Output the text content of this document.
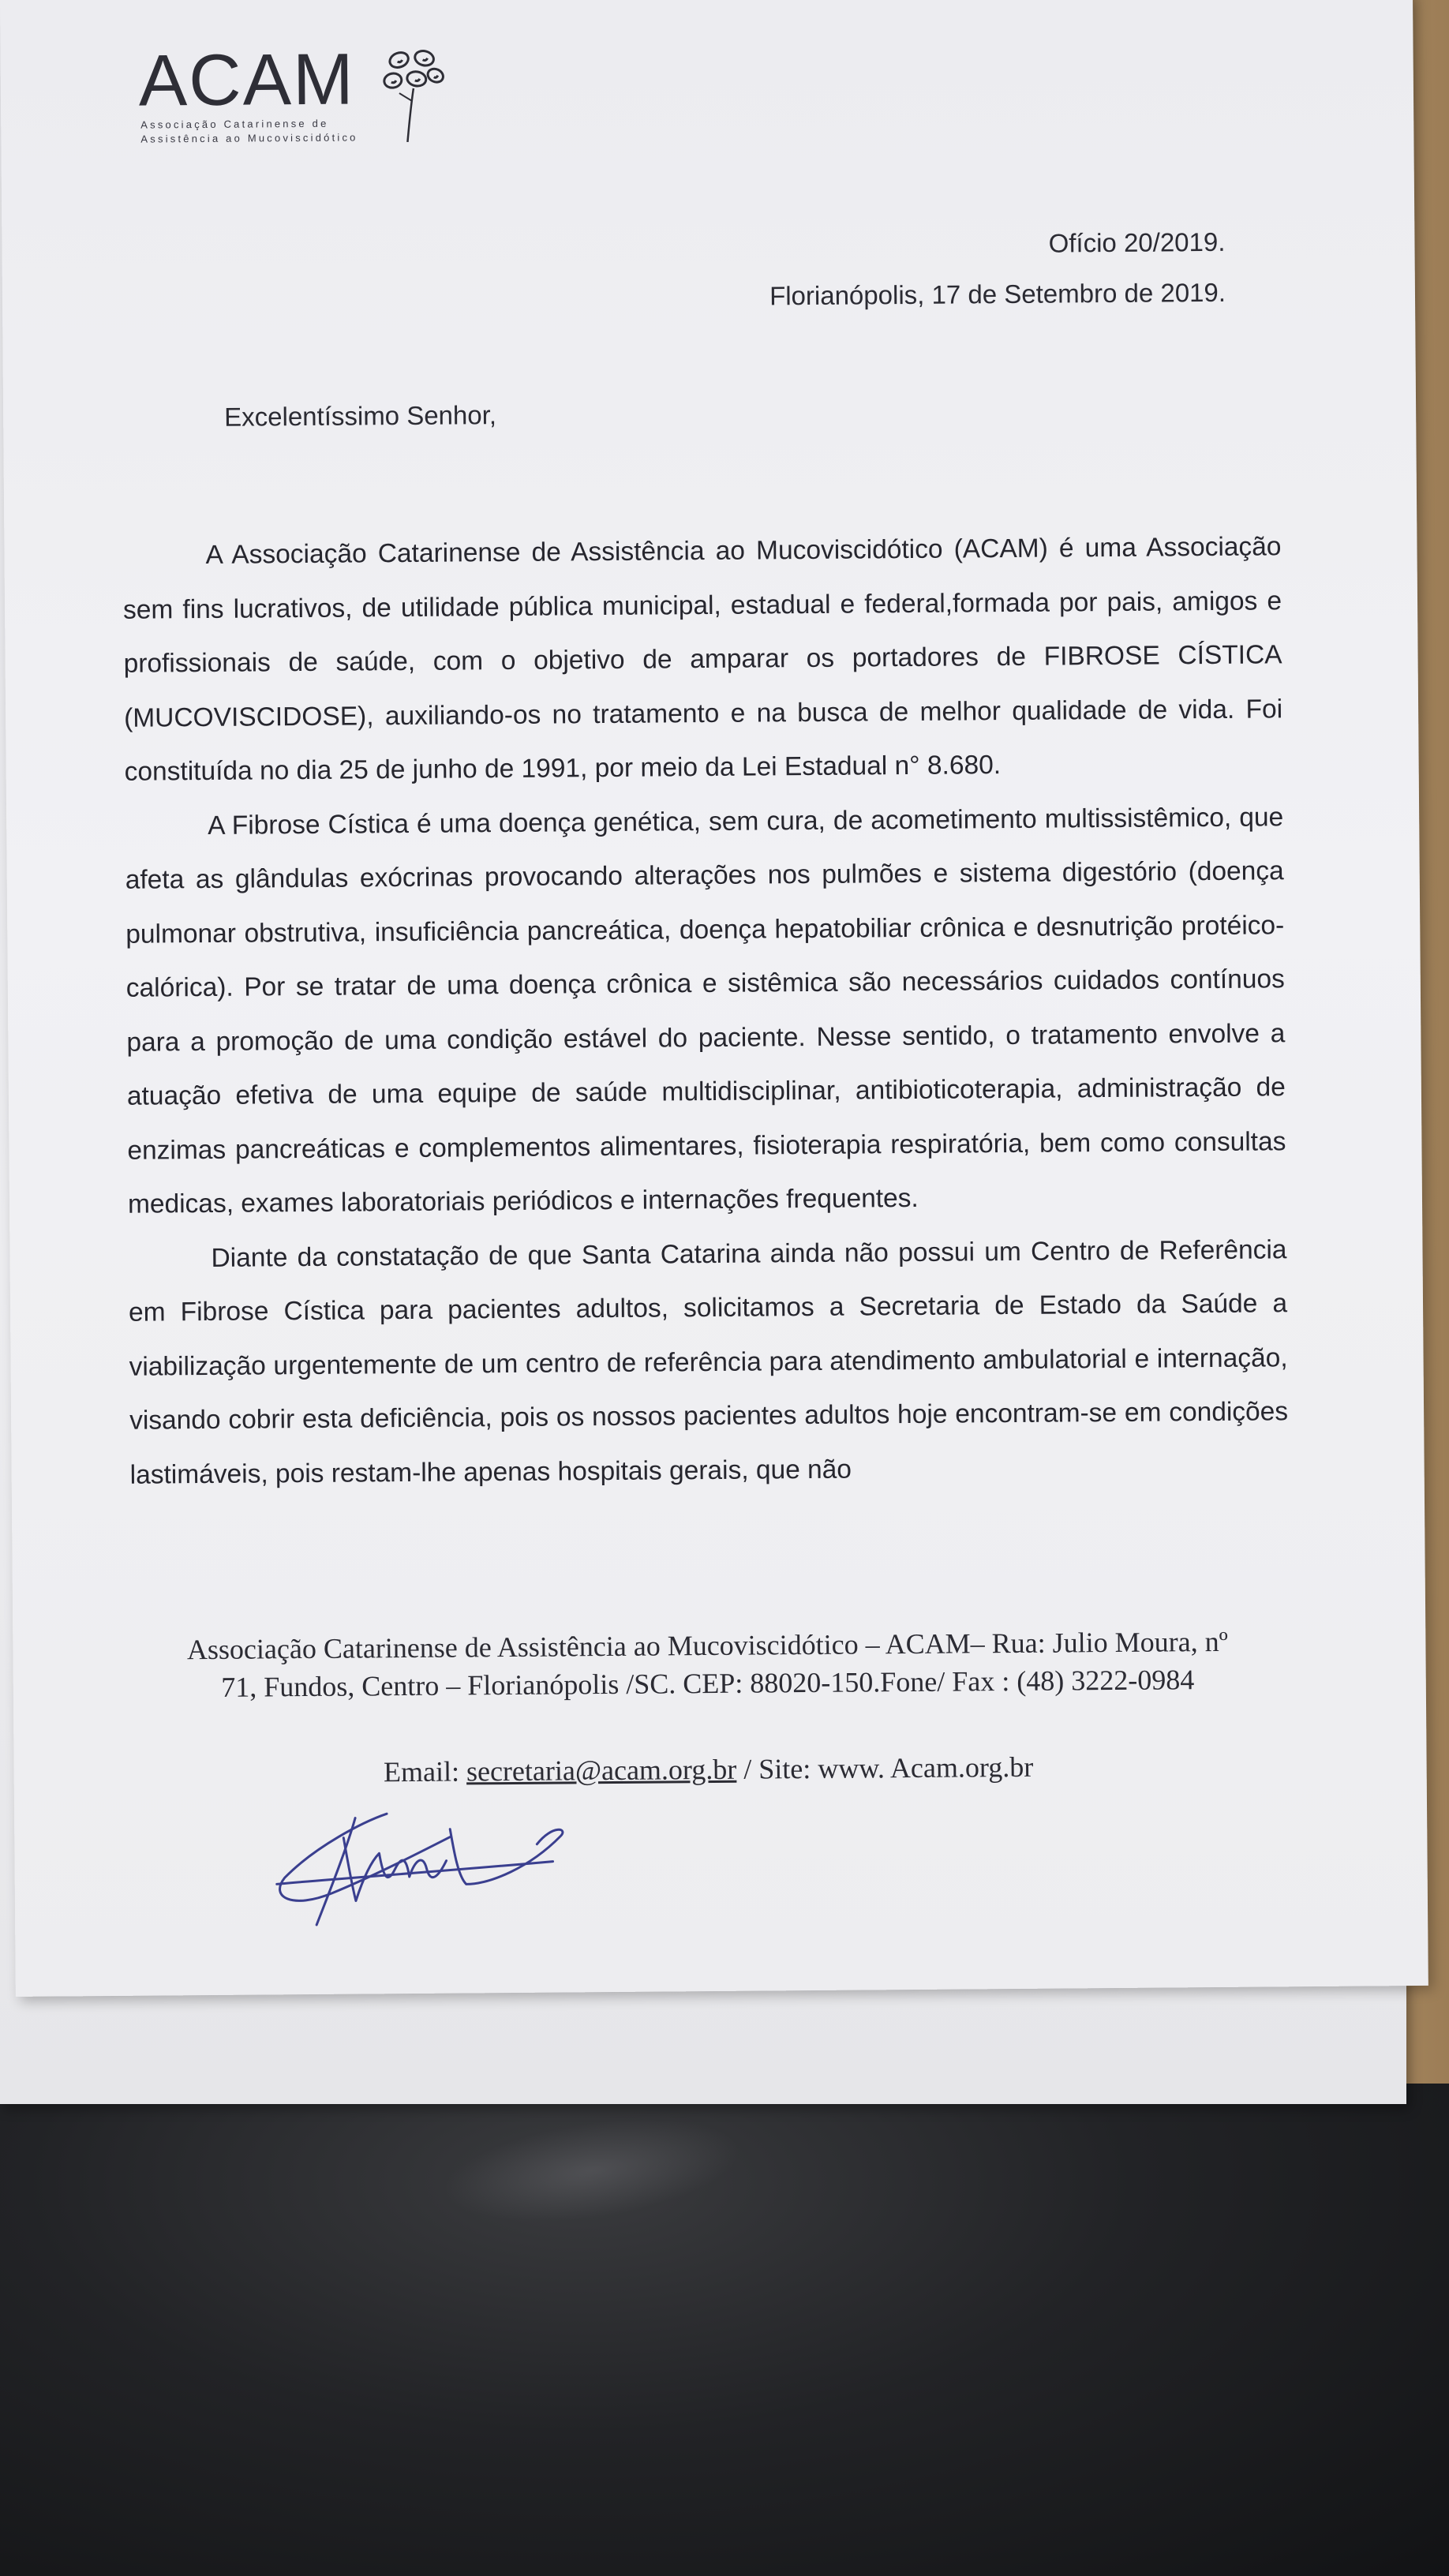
ACAM
Associação Catarinense de
Assistência ao Mucoviscidótico
Ofício 20/2019.
Florianópolis, 17 de Setembro de 2019.
Excelentíssimo Senhor,

A Associação Catarinense de Assistência ao Mucoviscidótico (ACAM) é uma Associação sem fins lucrativos, de utilidade pública municipal, estadual e federal,formada por pais, amigos e profissionais de saúde, com o objetivo de amparar os portadores de FIBROSE CÍSTICA (MUCOVISCIDOSE), auxiliando-os no tratamento e na busca de melhor qualidade de vida. Foi constituída no dia 25 de junho de 1991, por meio da Lei Estadual n° 8.680.

A Fibrose Cística é uma doença genética, sem cura, de acometimento multissistêmico, que afeta as glândulas exócrinas provocando alterações nos pulmões e sistema digestório (doença pulmonar obstrutiva, insuficiência pancreática, doença hepatobiliar crônica e desnutrição protéico-calórica). Por se tratar de uma doença crônica e sistêmica são necessários cuidados contínuos para a promoção de uma condição estável do paciente. Nesse sentido, o tratamento envolve a atuação efetiva de uma equipe de saúde multidisciplinar, antibioticoterapia, administração de enzimas pancreáticas e complementos alimentares, fisioterapia respiratória, bem como consultas medicas, exames laboratoriais periódicos e internações frequentes.

Diante da constatação de que Santa Catarina ainda não possui um Centro de Referência em Fibrose Cística para pacientes adultos, solicitamos a Secretaria de Estado da Saúde a viabilização urgentemente de um centro de referência para atendimento ambulatorial e internação, visando cobrir esta deficiência, pois os nossos pacientes adultos hoje encontram-se em condições lastimáveis, pois restam-lhe apenas hospitais gerais, que não

Associação Catarinense de Assistência ao Mucoviscidótico – ACAM– Rua: Julio Moura, nº
71, Fundos, Centro – Florianópolis /SC. CEP: 88020-150.Fone/ Fax : (48) 3222-0984
Email: secretaria@acam.org.br / Site: www. Acam.org.br
